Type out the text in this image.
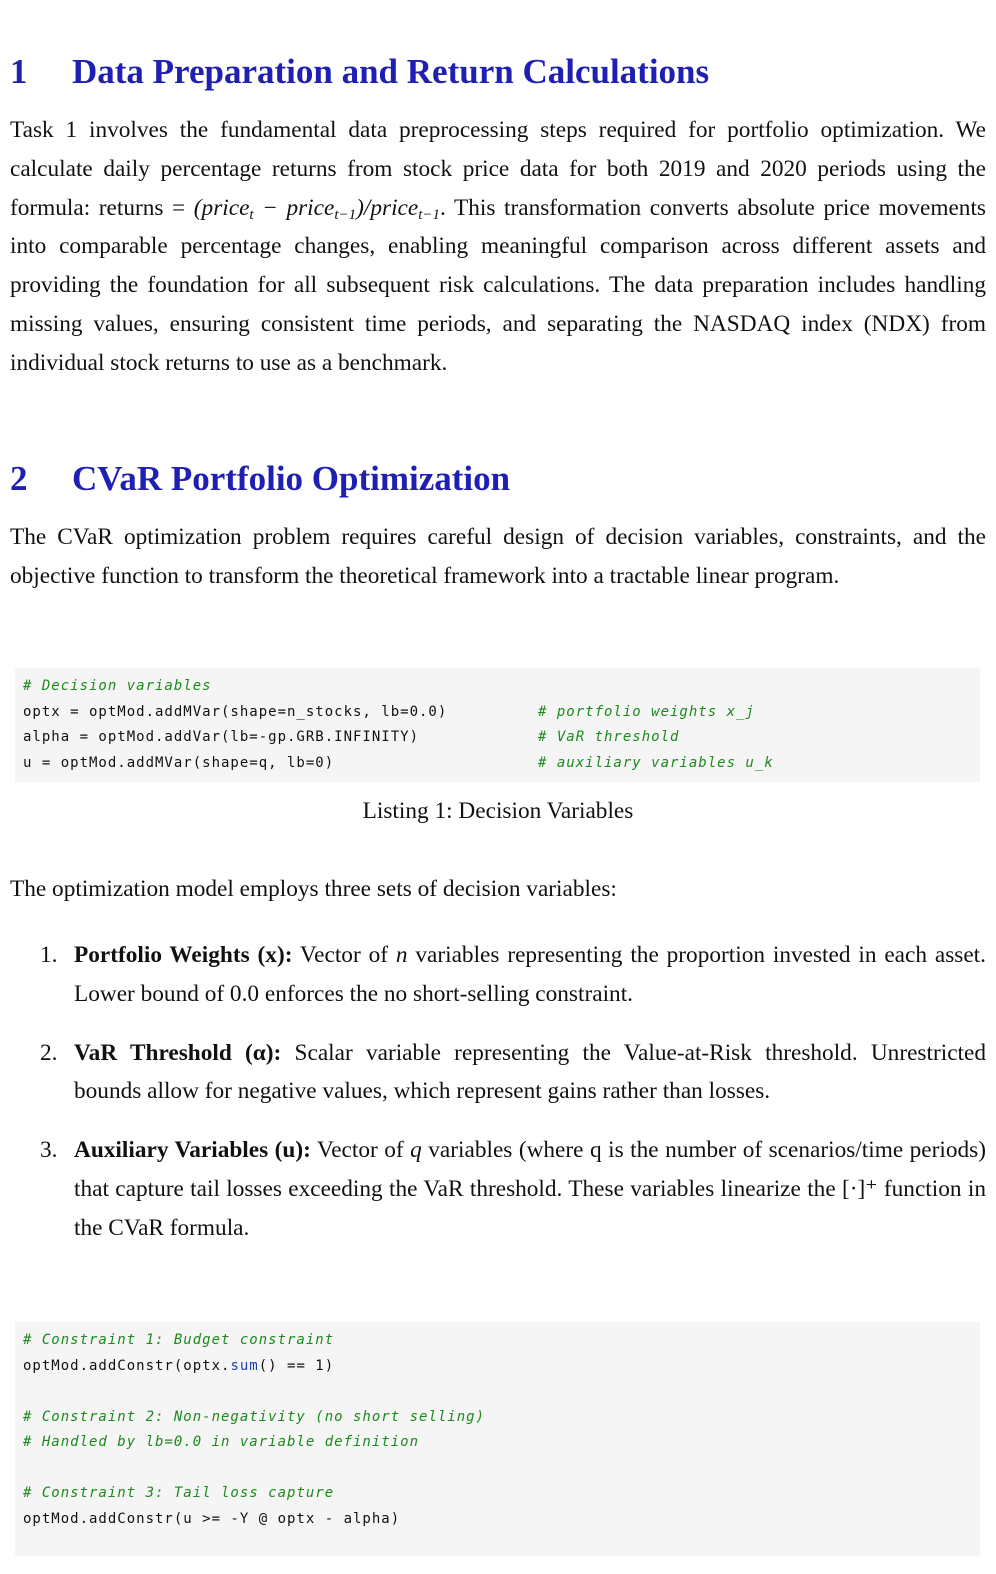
1	Data Preparation and Return Calculations

Task 1 involves the fundamental data preprocessing steps required for portfolio optimization. We calculate daily percentage returns from stock price data for both 2019 and 2020 periods using the formula: returns = (price$_t$ − price$_{t-1}$)/price$_{t-1}$. This transformation converts absolute price movements into comparable percentage changes, enabling meaningful comparison across different assets and providing the foundation for all subsequent risk calculations. The data preparation includes handling missing values, ensuring consistent time periods, and separating the NASDAQ index (NDX) from individual stock returns to use as a benchmark.

2	CVaR Portfolio Optimization

The CVaR optimization problem requires careful design of decision variables, constraints, and the objective function to transform the theoretical framework into a tractable linear program.

# Decision variables
optx = optMod.addMVar(shape=n_stocks, lb=0.0)	# portfolio weights x_j
alpha = optMod.addVar(lb=-gp.GRB.INFINITY)	# VaR threshold
u = optMod.addMVar(shape=q, lb=0)	# auxiliary variables u_k
Listing 1: Decision Variables

The optimization model employs three sets of decision variables:

1. Portfolio Weights (x): Vector of n variables representing the proportion invested in each asset. Lower bound of 0.0 enforces the no short-selling constraint.
2. VaR Threshold (α): Scalar variable representing the Value-at-Risk threshold. Unrestricted bounds allow for negative values, which represent gains rather than losses.
3. Auxiliary Variables (u): Vector of q variables (where q is the number of scenarios/time periods) that capture tail losses exceeding the VaR threshold. These variables linearize the [·]⁺ function in the CVaR formula.
# Constraint 1: Budget constraint
optMod.addConstr(optx.sum() == 1)

# Constraint 2: Non-negativity (no short selling)
# Handled by lb=0.0 in variable definition

# Constraint 3: Tail loss capture
optMod.addConstr(u >= -Y @ optx - alpha)
